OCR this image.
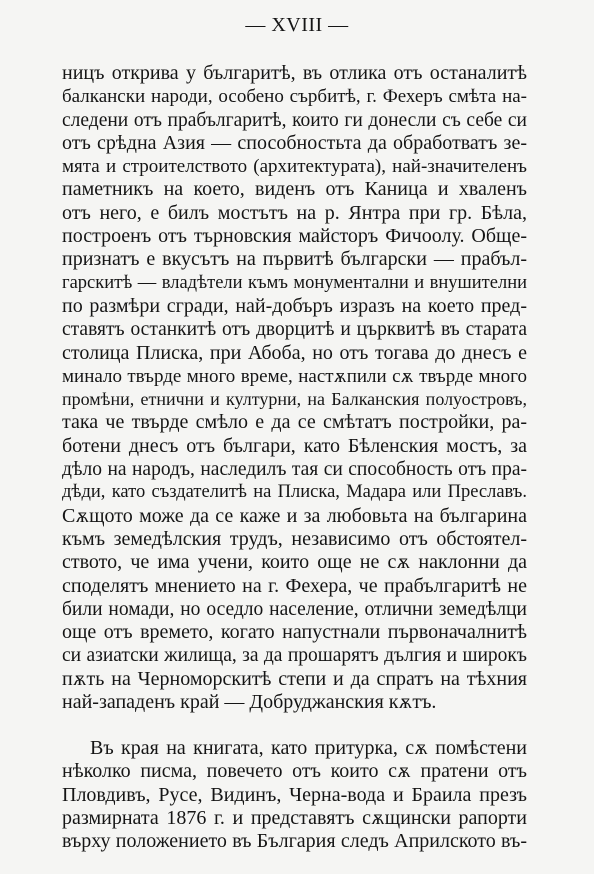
— XVIII —
ницъ открива у българитѣ, въ отлика отъ останалитѣ
балкански народи, особено сърбитѣ, г. Фехеръ смѣта на-
следени отъ прабългаритѣ, които ги донесли съ себе си
отъ срѣдна Азия — способностьта да обработватъ зе-
мята и строителството (архитектурата), най-значителенъ
паметникъ на което, виденъ отъ Каница и хваленъ
отъ него, е билъ мостътъ на р. Янтра при гр. Бѣла,
построенъ отъ търновския майсторъ Фичоолу. Обще-
признатъ е вкусътъ на първитѣ български — прабъл-
гарскитѣ — владѣтели къмъ монументални и внушителни
по размѣри сгради, най-добъръ изразъ на което пред-
ставятъ останкитѣ отъ дворцитѣ и църквитѣ въ старата
столица Плиска, при Абоба, но отъ тогава до днесъ е
минало твърде много време, настѫпили сѫ твърде много
промѣни, етнични и културни, на Балканския полуостровъ,
така че твърде смѣло е да се смѣтатъ постройки, ра-
ботени днесъ отъ българи, като Бѣленския мостъ, за
дѣло на народъ, наследилъ тая си способность отъ пра-
дѣди, като създателитѣ на Плиска, Мадара или Преславъ.
Сѫщото може да се каже и за любовьта на българина
къмъ земедѣлския трудъ, независимо отъ обстоятел-
ството, че има учени, които още не сѫ наклонни да
споделятъ мнението на г. Фехера, че прабългаритѣ не
били номади, но оседло население, отлични земедѣлци
още отъ времето, когато напустнали първоначалнитѣ
си азиатски жилища, за да прошарятъ дългия и широкъ
пѫть на Черноморскитѣ степи и да спратъ на тѣхния
най-западенъ край — Добруджанския кѫтъ.
Въ края на книгата, като притурка, сѫ помѣстени
нѣколко писма, повечето отъ които сѫ пратени отъ
Пловдивъ, Русе, Видинъ, Черна-вода и Браила презъ
размирната 1876 г. и представятъ сѫщински рапорти
върху положението въ България следъ Априлското въ-
